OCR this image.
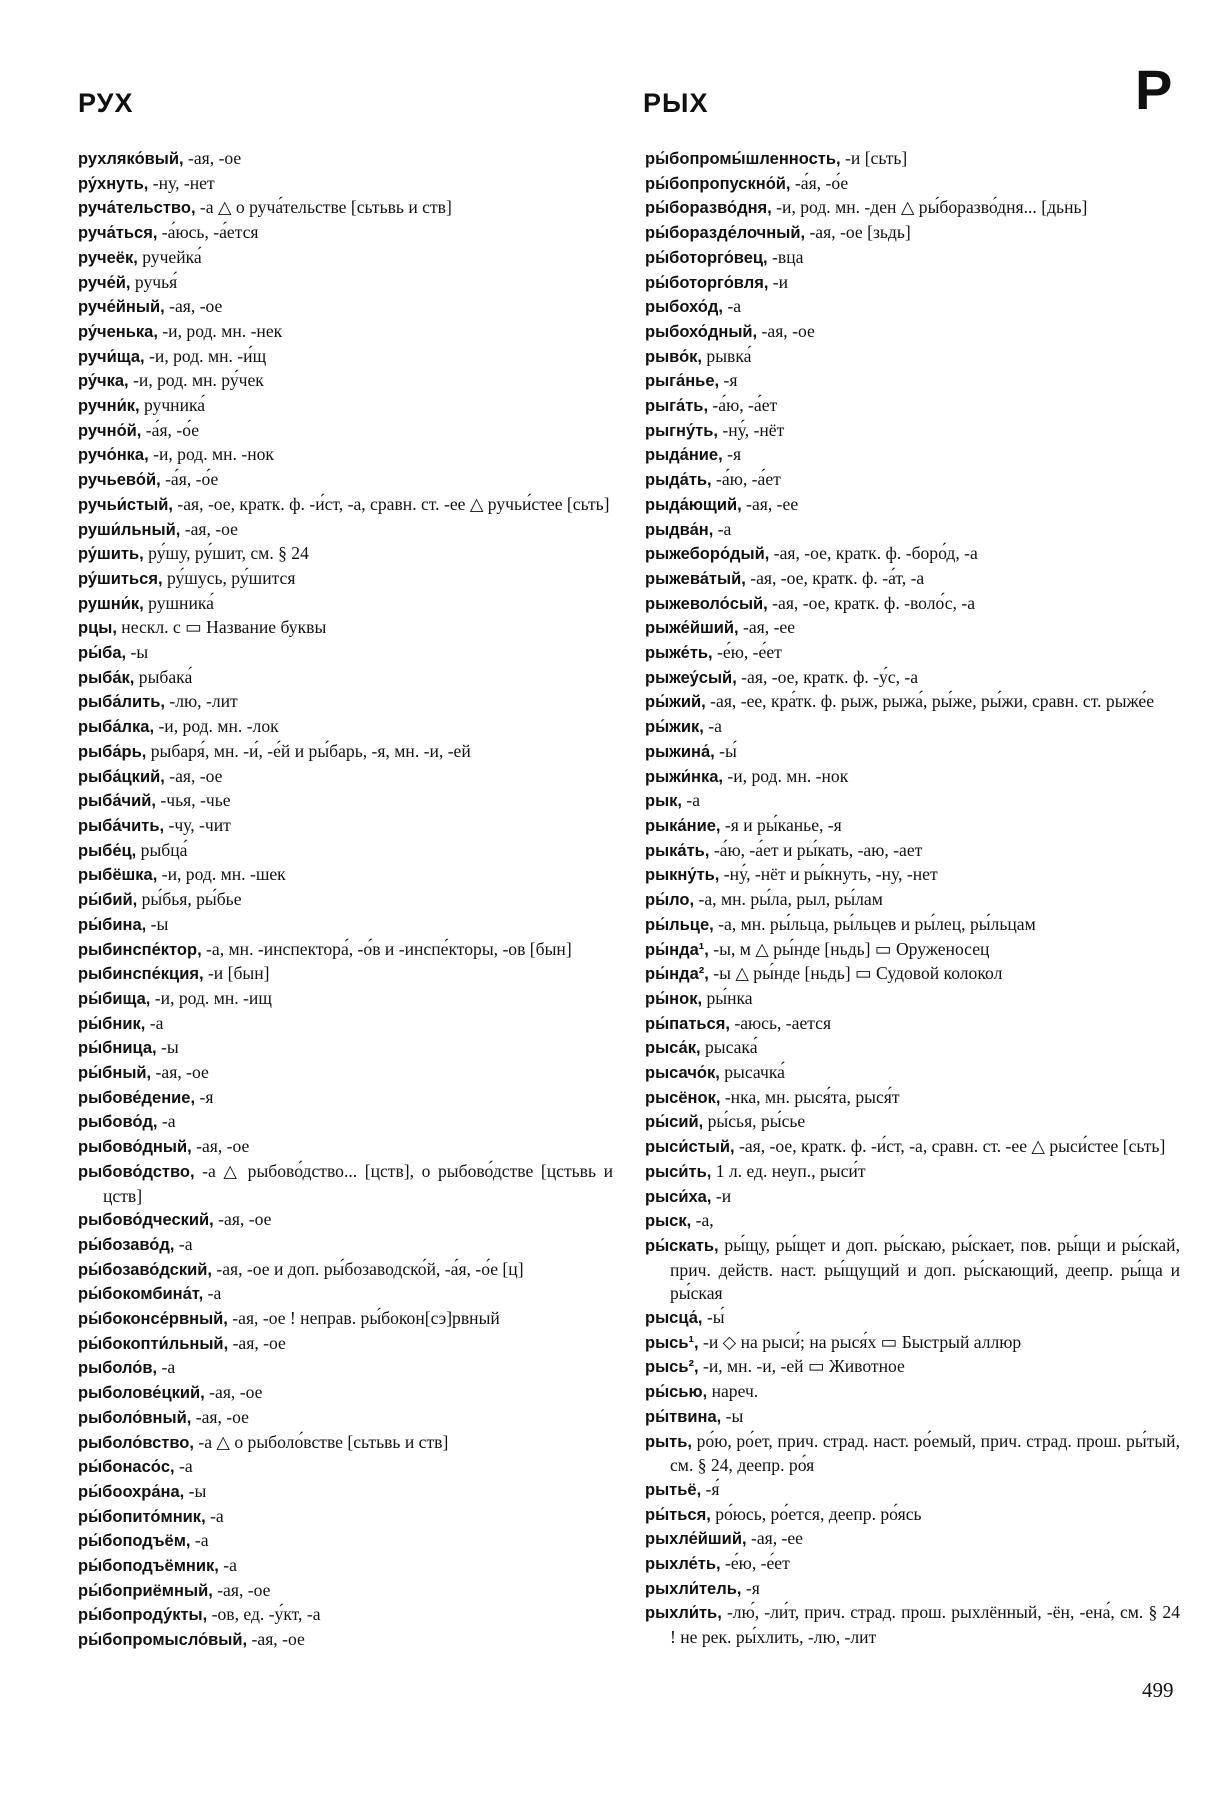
РУХ	РЫХ	Р
рухляко́вый, -ая, -ое
ру́хнуть, -ну, -нет
руча́тельство, -а △ о руча́тельстве [сьтьвь и ств]
руча́ться, -а́юсь, -а́ется
ручеёк, ручейка́
руче́й, ручья́
руче́йный, -ая, -ое
ру́ченька, -и, род. мн. -нек
ручи́ща, -и, род. мн. -и́щ
ру́чка, -и, род. мн. ру́чек
ручни́к, ручника́
ручно́й, -а́я, -о́е
ручо́нка, -и, род. мн. -нок
ручьево́й, -а́я, -о́е
ручьи́стый, -ая, -ое, кратк. ф. -и́ст, -а, сравн. ст. -ее △ ручьи́стее [сьть]
руши́льный, -ая, -ое
ру́шить, ру́шу, ру́шит, см. § 24
ру́шиться, ру́шусь, ру́шится
рушни́к, рушника́
рцы, нескл. с ▭ Название буквы
ры́ба, -ы
рыба́к, рыбака́
рыба́лить, -лю, -лит
рыба́лка, -и, род. мн. -лок
рыба́рь, рыбаря́, мн. -и́, -е́й и ры́барь, -я, мн. -и, -ей
рыба́цкий, -ая, -ое
рыба́чий, -чья, -чье
рыба́чить, -чу, -чит
рыбе́ц, рыбца́
рыбёшка, -и, род. мн. -шек
ры́бий, ры́бья, ры́бье
ры́бина, -ы
рыбинспе́ктор, -а, мн. -инспектора́, -о́в и -инспе́кторы, -ов [бын]
рыбинспе́кция, -и [бын]
ры́бища, -и, род. мн. -ищ
ры́бник, -а
ры́бница, -ы
ры́бный, -ая, -ое
рыбове́дение, -я
рыбово́д, -а
рыбово́дный, -ая, -ое
рыбово́дство, -а △ рыбово́дство... [цств], о рыбово́дстве [цстьвь и цств]
рыбово́дческий, -ая, -ое
ры́бозаво́д, -а
ры́бозаво́дский, -ая, -ое и доп. ры́бозаводско́й, -а́я, -о́е [ц]
ры́бокомбина́т, -а
ры́боконсе́рвный, -ая, -ое ! неправ. ры́бокон[сэ]рвный
ры́бокопти́льный, -ая, -ое
рыболо́в, -а
рыболове́цкий, -ая, -ое
рыболо́вный, -ая, -ое
рыболо́вство, -а △ о рыболо́встве [сьтьвь и ств]
ры́бонасо́с, -а
ры́боохра́на, -ы
ры́бопито́мник, -а
ры́боподъём, -а
ры́боподъёмник, -а
ры́боприёмный, -ая, -ое
ры́бопроду́кты, -ов, ед. -у́кт, -а
ры́бопромысло́вый, -ая, -ое
ры́бопромы́шленность, -и [сьть]
ры́бопропускно́й, -а́я, -о́е
ры́боразво́дня, -и, род. мн. -ден △ ры́боразво́дня... [дьнь]
ры́боразде́лочный, -ая, -ое [зьдь]
ры́боторго́вец, -вца
ры́боторго́вля, -и
рыбохо́д, -а
рыбохо́дный, -ая, -ое
рыво́к, рывка́
рыга́нье, -я
рыга́ть, -а́ю, -а́ет
рыгну́ть, -ну́, -нёт
рыда́ние, -я
рыда́ть, -а́ю, -а́ет
рыда́ющий, -ая, -ее
рыдва́н, -а
рыжеборо́дый, -ая, -ое, кратк. ф. -боро́д, -а
рыжева́тый, -ая, -ое, кратк. ф. -а́т, -а
рыжеволо́сый, -ая, -ое, кратк. ф. -воло́с, -а
рыже́йший, -ая, -ее
рыже́ть, -е́ю, -е́ет
рыжеу́сый, -ая, -ое, кратк. ф. -у́с, -а
ры́жий, -ая, -ее, кра́тк. ф. рыж, рыжа́, ры́же, ры́жи, сравн. ст. рыже́е
ры́жик, -а
рыжина́, -ы́
рыжи́нка, -и, род. мн. -нок
рык, -а
рыка́ние, -я и ры́канье, -я
рыка́ть, -а́ю, -а́ет и ры́кать, -аю, -ает
рыкну́ть, -ну́, -нёт и ры́кнуть, -ну, -нет
ры́ло, -а, мн. ры́ла, рыл, ры́лам
ры́льце, -а, мн. ры́льца, ры́льцев и ры́лец, ры́льцам
ры́нда¹, -ы, м △ ры́нде [ньдь] ▭ Оруженосец
ры́нда², -ы △ ры́нде [ньдь] ▭ Судовой колокол
ры́нок, ры́нка
ры́паться, -аюсь, -ается
рыса́к, рысака́
рысачо́к, рысачка́
рысёнок, -нка, мн. рыся́та, рыся́т
ры́сий, ры́сья, ры́сье
рыси́стый, -ая, -ое, кратк. ф. -и́ст, -а, сравн. ст. -ее △ рыси́стее [сьть]
рыси́ть, 1 л. ед. неуп., рыси́т
рыси́ха, -и
рыск, -а,
ры́скать, ры́щу, ры́щет и доп. ры́скаю, ры́скает, пов. ры́щи и ры́скай, прич. действ. наст. ры́щущий и доп. ры́скающий, деепр. ры́ща и ры́ская
рысца́, -ы́
рысь¹, -и ◇ на рыси́; на рыся́х ▭ Быстрый аллюр
рысь², -и, мн. -и, -ей ▭ Животное
ры́сью, нареч.
ры́твина, -ы
рыть, ро́ю, ро́ет, прич. страд. наст. ро́емый, прич. страд. прош. ры́тый, см. § 24, деепр. ро́я
рытьё, -я́
ры́ться, ро́юсь, ро́ется, деепр. ро́ясь
рыхле́йший, -ая, -ее
рыхле́ть, -е́ю, -е́ет
рыхли́тель, -я
рыхли́ть, -лю́, -ли́т, прич. страд. прош. рыхлённый, -ён, -ена́, см. § 24 ! не рек. ры́хлить, -лю, -лит
499
